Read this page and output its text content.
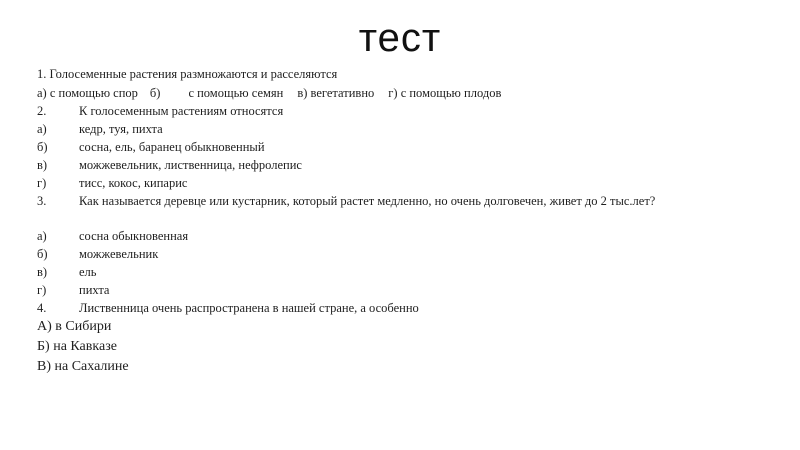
тест
1. Голосеменные растения размножаются и расселяются
а) с помощью спор б) с помощью семян в) вегетативно г) с помощью плодов
2.	К голосеменным растениям относятся
а)	кедр, туя, пихта
б)	сосна, ель, баранец обыкновенный
в)	можжевельник, лиственница, нефролепис
г)	тисс, кокос, кипарис
3.	Как называется деревце или кустарник, который растет медленно, но очень долговечен, живет до 2 тыс.лет?
а)	сосна обыкновенная
б)	можжевельник
в)	ель
г)	пихта
4.	Лиственница очень распространена в нашей стране, а особенно
А) в Сибири
Б) на Кавказе
В) на Сахалине
